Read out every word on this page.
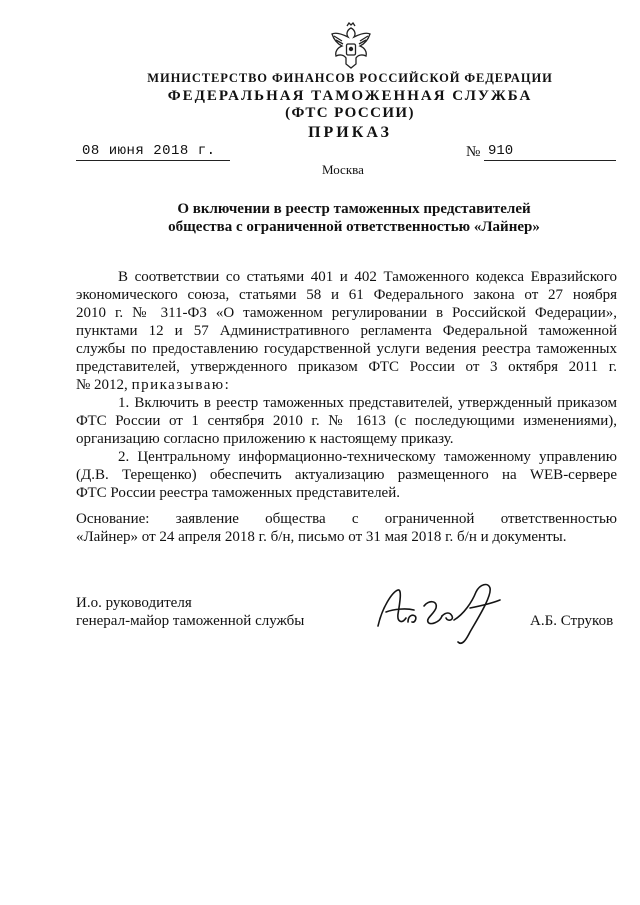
МИНИСТЕРСТВО ФИНАНСОВ РОССИЙСКОЙ ФЕДЕРАЦИИ
ФЕДЕРАЛЬНАЯ ТАМОЖЕННАЯ СЛУЖБА
(ФТС РОССИИ)
ПРИКАЗ
08 июня 2018 г.	№ 910
Москва
О включении в реестр таможенных представителей
общества с ограниченной ответственностью «Лайнер»
В соответствии со статьями 401 и 402 Таможенного кодекса Евразийского
экономического союза, статьями 58 и 61 Федерального закона от 27 ноября
2010 г. № 311-ФЗ «О таможенном регулировании в Российской Федерации»,
пунктами 12 и 57 Административного регламента Федеральной таможенной
службы по предоставлению государственной услуги ведения реестра таможенных
представителей, утвержденного приказом ФТС России от 3 октября 2011 г.
№ 2012, приказываю:
1. Включить в реестр таможенных представителей, утвержденный приказом
ФТС России от 1 сентября 2010 г. № 1613 (с последующими изменениями),
организацию согласно приложению к настоящему приказу.
2. Центральному информационно-техническому таможенному управлению
(Д.В. Терещенко) обеспечить актуализацию размещенного на WEB-сервере
ФТС России реестра таможенных представителей.
Основание: заявление общества с ограниченной ответственностью
«Лайнер» от 24 апреля 2018 г. б/н, письмо от 31 мая 2018 г. б/н и документы.
И.о. руководителя
генерал-майор таможенной службы	А.Б. Струков
